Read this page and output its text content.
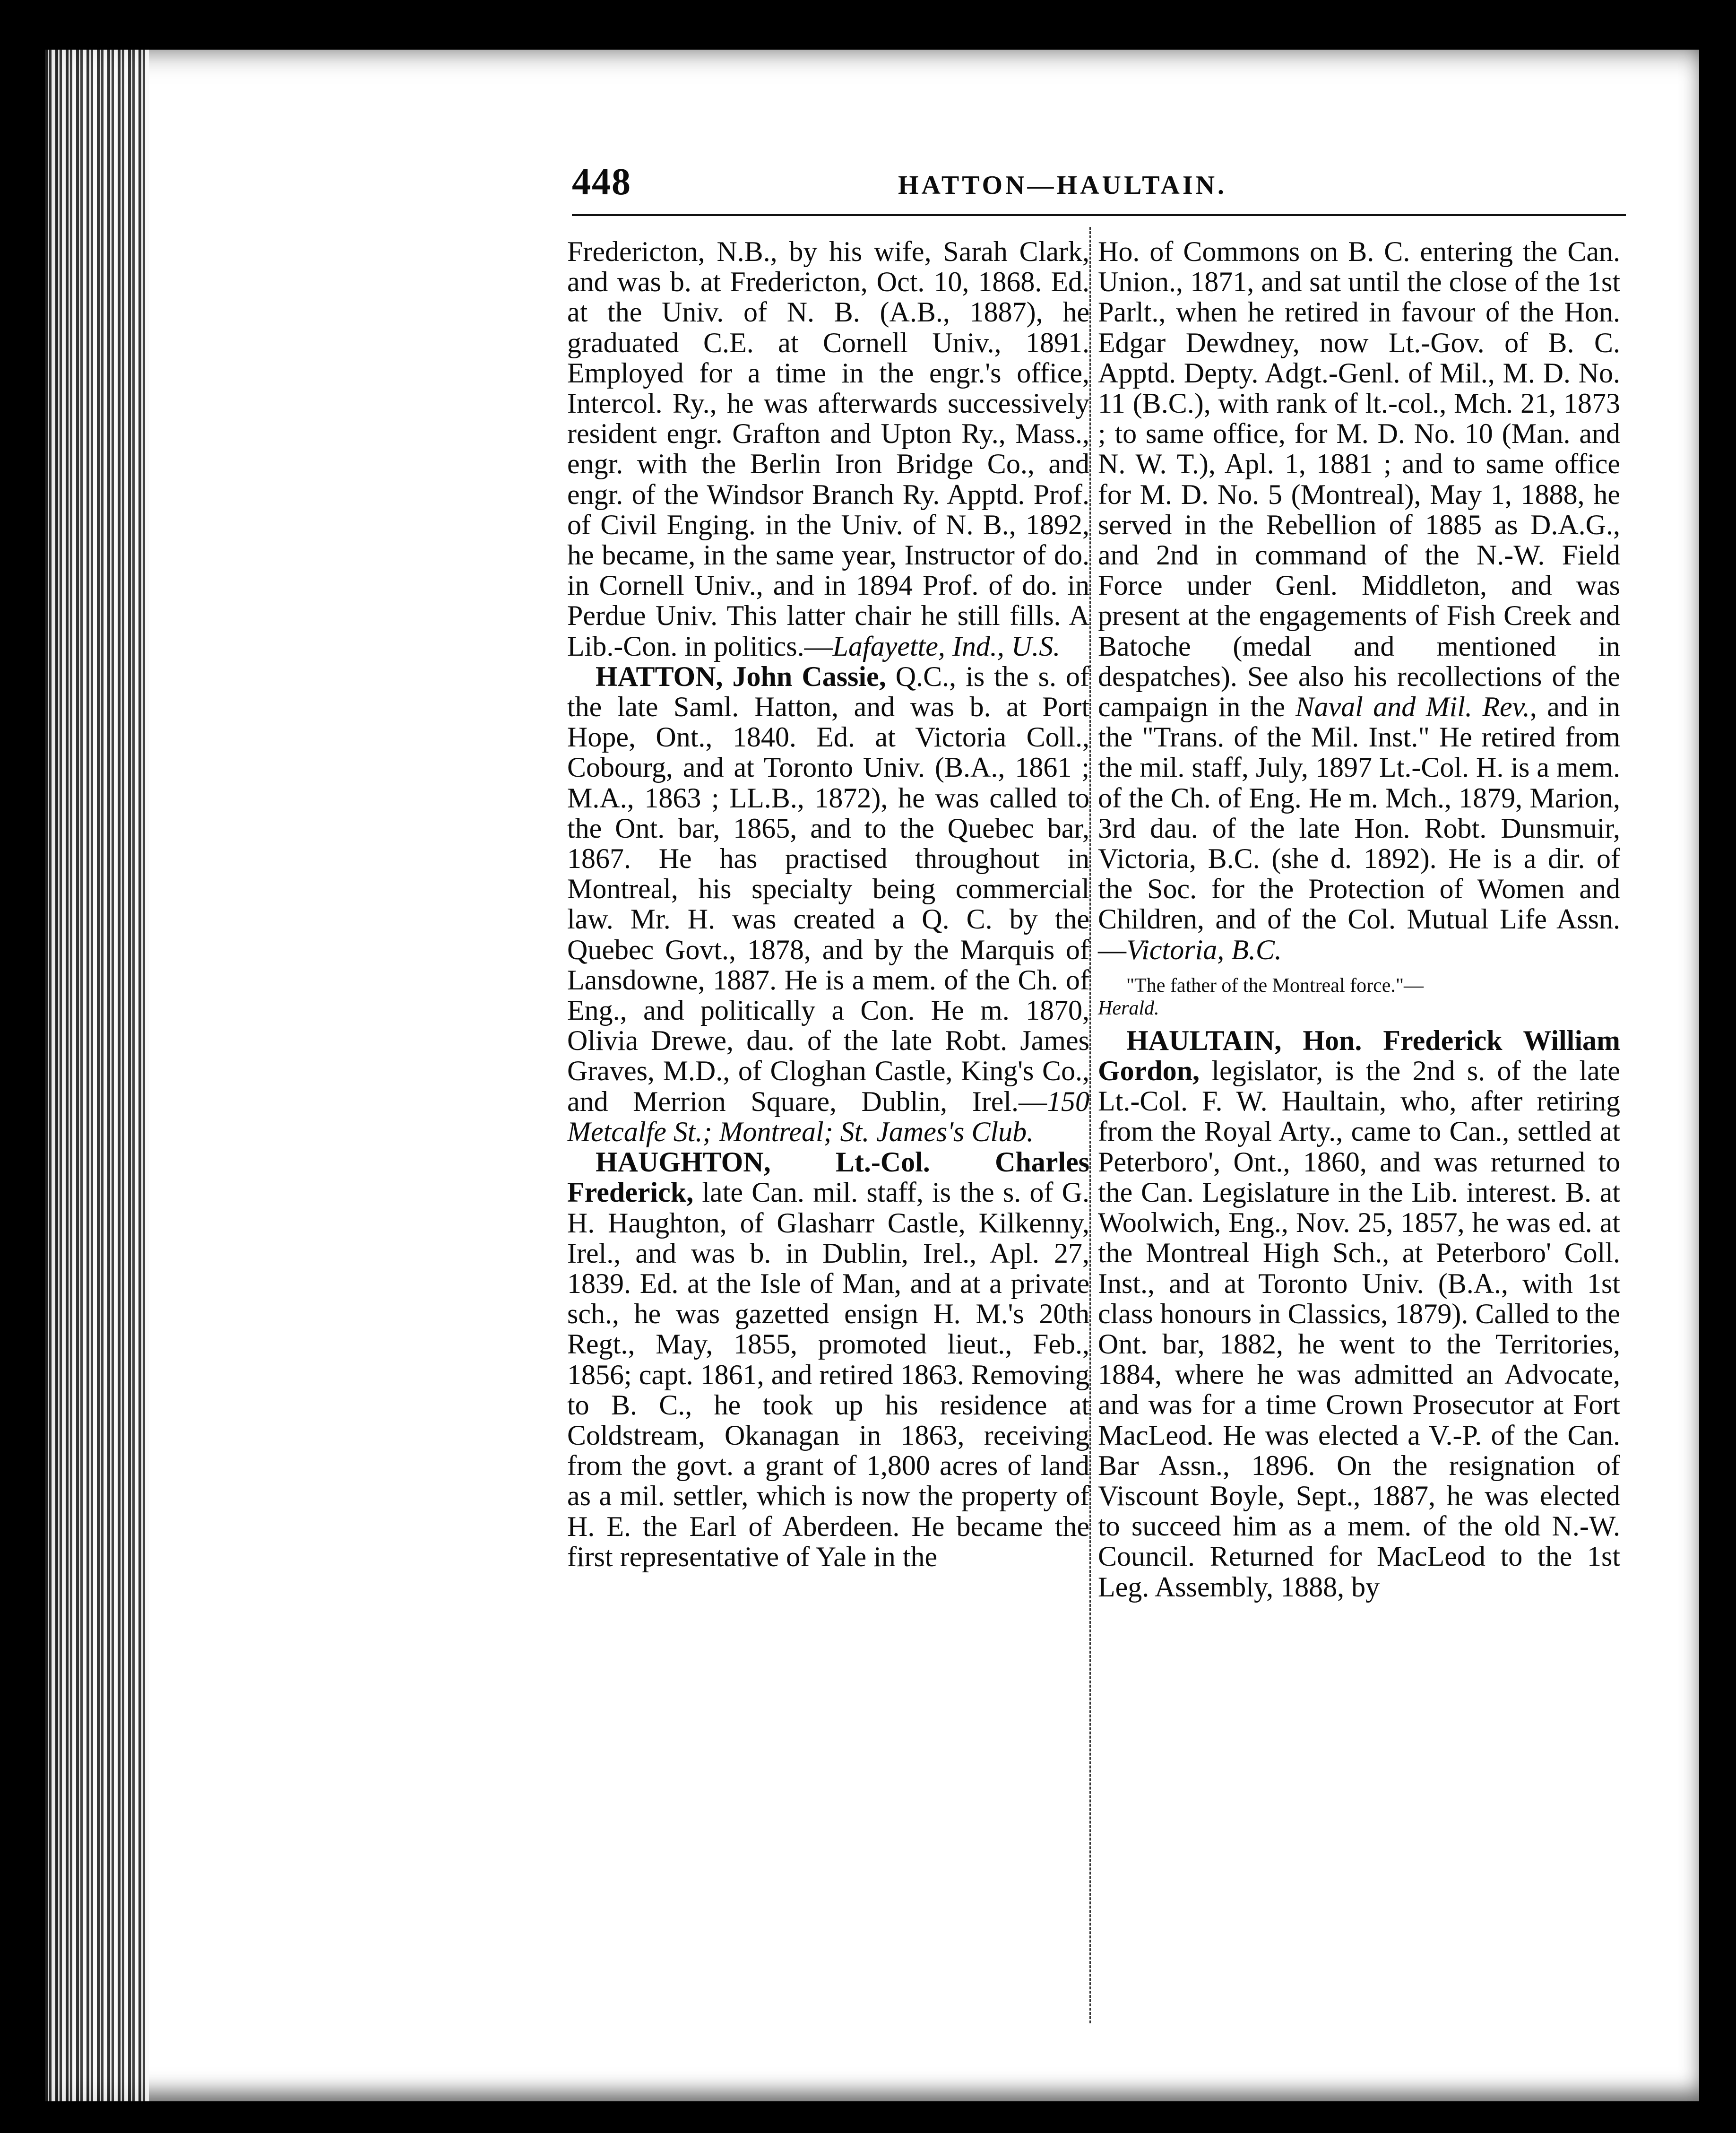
448	HATTON—HAULTAIN.

Fredericton, N.B., by his wife, Sarah Clark, and was b. at Fredericton, Oct. 10, 1868. Ed. at the Univ. of N. B. (A.B., 1887), he graduated C.E. at Cornell Univ., 1891. Employed for a time in the engr.'s office, Intercol. Ry., he was afterwards successively resident engr. Grafton and Upton Ry., Mass., engr. with the Berlin Iron Bridge Co., and engr. of the Windsor Branch Ry. Apptd. Prof. of Civil Enging. in the Univ. of N. B., 1892, he became, in the same year, Instructor of do. in Cornell Univ., and in 1894 Prof. of do. in Perdue Univ. This latter chair he still fills. A Lib.-Con. in politics.—Lafayette, Ind., U.S.

HATTON, John Cassie, Q.C., is the s. of the late Saml. Hatton, and was b. at Port Hope, Ont., 1840. Ed. at Victoria Coll., Cobourg, and at Toronto Univ. (B.A., 1861 ; M.A., 1863 ; LL.B., 1872), he was called to the Ont. bar, 1865, and to the Quebec bar, 1867. He has practised throughout in Montreal, his specialty being commercial law. Mr. H. was created a Q. C. by the Quebec Govt., 1878, and by the Marquis of Lansdowne, 1887. He is a mem. of the Ch. of Eng., and politically a Con. He m. 1870, Olivia Drewe, dau. of the late Robt. James Graves, M.D., of Cloghan Castle, King's Co., and Merrion Square, Dublin, Irel.—150 Metcalfe St.; Montreal; St. James's Club.

HAUGHTON, Lt.-Col. Charles Frederick, late Can. mil. staff, is the s. of G. H. Haughton, of Glasharr Castle, Kilkenny, Irel., and was b. in Dublin, Irel., Apl. 27, 1839. Ed. at the Isle of Man, and at a private sch., he was gazetted ensign H. M.'s 20th Regt., May, 1855, promoted lieut., Feb., 1856; capt. 1861, and retired 1863. Removing to B. C., he took up his residence at Coldstream, Okanagan in 1863, receiving from the govt. a grant of 1,800 acres of land as a mil. settler, which is now the property of H. E. the Earl of Aberdeen. He became the first representative of Yale in the

Ho. of Commons on B. C. entering the Can. Union., 1871, and sat until the close of the 1st Parlt., when he retired in favour of the Hon. Edgar Dewdney, now Lt.-Gov. of B. C. Apptd. Depty. Adgt.-Genl. of Mil., M. D. No. 11 (B.C.), with rank of lt.-col., Mch. 21, 1873 ; to same office, for M. D. No. 10 (Man. and N. W. T.), Apl. 1, 1881 ; and to same office for M. D. No. 5 (Montreal), May 1, 1888, he served in the Rebellion of 1885 as D.A.G., and 2nd in command of the N.-W. Field Force under Genl. Middleton, and was present at the engagements of Fish Creek and Batoche (medal and mentioned in despatches). See also his recollections of the campaign in the Naval and Mil. Rev., and in the "Trans. of the Mil. Inst." He retired from the mil. staff, July, 1897 Lt.-Col. H. is a mem. of the Ch. of Eng. He m. Mch., 1879, Marion, 3rd dau. of the late Hon. Robt. Dunsmuir, Victoria, B.C. (she d. 1892). He is a dir. of the Soc. for the Protection of Women and Children, and of the Col. Mutual Life Assn.—Victoria, B.C.

"The father of the Montreal force."—
Herald.

HAULTAIN, Hon. Frederick William Gordon, legislator, is the 2nd s. of the late Lt.-Col. F. W. Haultain, who, after retiring from the Royal Arty., came to Can., settled at Peterboro', Ont., 1860, and was returned to the Can. Legislature in the Lib. interest. B. at Woolwich, Eng., Nov. 25, 1857, he was ed. at the Montreal High Sch., at Peterboro' Coll. Inst., and at Toronto Univ. (B.A., with 1st class honours in Classics, 1879). Called to the Ont. bar, 1882, he went to the Territories, 1884, where he was admitted an Advocate, and was for a time Crown Prosecutor at Fort MacLeod. He was elected a V.-P. of the Can. Bar Assn., 1896. On the resignation of Viscount Boyle, Sept., 1887, he was elected to succeed him as a mem. of the old N.-W. Council. Returned for MacLeod to the 1st Leg. Assembly, 1888, by
